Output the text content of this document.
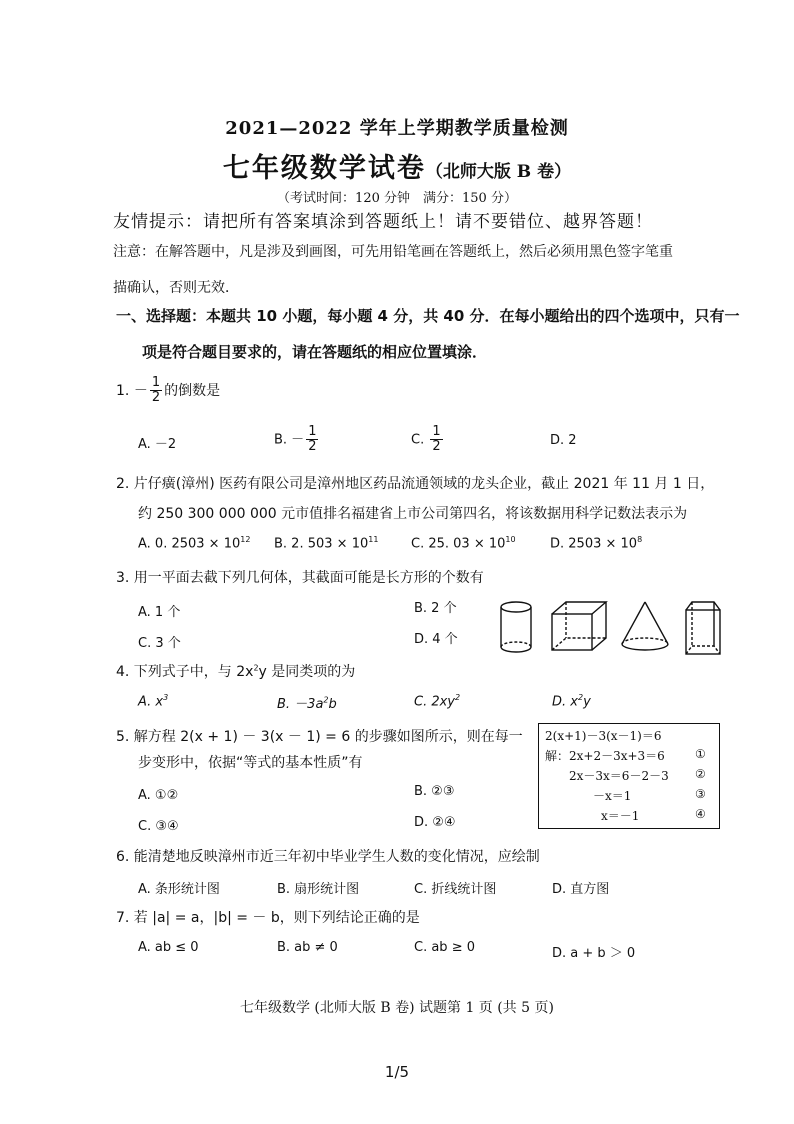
2021—2022 学年上学期教学质量检测
七年级数学试卷（北师大版 B 卷）
（考试时间：120 分钟　满分：150 分）
友情提示：请把所有答案填涂到答题纸上！请不要错位、越界答题！
注意：在解答题中，凡是涉及到画图，可先用铅笔画在答题纸上，然后必须用黑色签字笔重
描确认，否则无效．
一、选择题：本题共 10 小题，每小题 4 分，共 40 分．在每小题给出的四个选项中，只有一
项是符合题目要求的，请在答题纸的相应位置填涂．
1. － $\frac{1}{2}$ 的倒数是
A. －2	B. － $\frac{1}{2}$	C. $\frac{1}{2}$	D. 2
2. 片仔癀(漳州) 医药有限公司是漳州地区药品流通领域的龙头企业，截止 2021 年 11 月 1 日，
约 250 300 000 000 元市值排名福建省上市公司第四名，将该数据用科学记数法表示为
A. 0. $2503 \times 10^{12}$ B. 2. $503 \times 10^{11}$	C. 25. $03 \times 10^{10}$	D. $2503 \times 10^8$
3. 用一平面去截下列几何体，其截面可能是长方形的个数有
A. 1 个	B. 2 个
C. 3 个	D. 4 个
4. 下列式子中，与 $2x^2y$ 是同类项的为
A. $x^3$	B. $-3a^2b$	C. $2xy^2$	D. $x^2y$
5. 解方程 2(x + 1) － 3(x － 1) = 6 的步骤如图所示，则在每一
步变形中，依据“等式的基本性质”有
A. ①②	B. ②③
C. ③④	D. ②④
2(x+1)－3(x－1)＝6
解：2x+2－3x+3＝6
2x－3x＝6－2－3
－x＝1
x＝－1
①
②
③
④
6. 能清楚地反映漳州市近三年初中毕业学生人数的变化情况，应绘制
A. 条形统计图	B. 扇形统计图	C. 折线统计图	D. 直方图
7. 若 |a| = a，|b| = － b，则下列结论正确的是
A. ab ≤ 0	B. ab ≠ 0	C. ab ≥ 0	D. a + b ＞ 0
七年级数学 (北师大版 B 卷) 试题第 1 页 (共 5 页)
1/5
